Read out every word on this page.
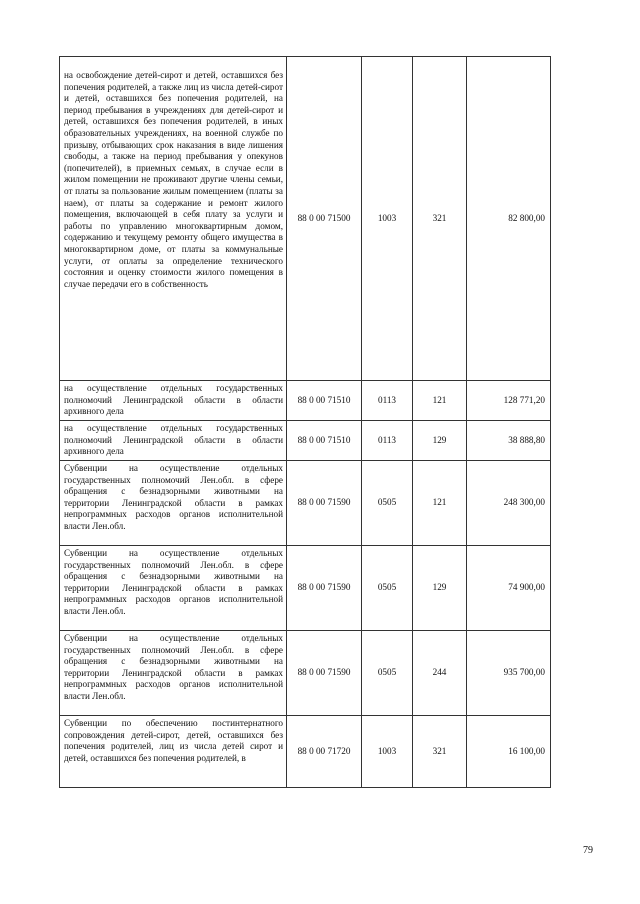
на освобождение детей-сирот и детей, оставшихся без попечения родителей, а также лиц из числа детей-сирот и детей, оставшихся без попечения родителей, на период пребывания в учреждениях для детей-сирот и детей, оставшихся без попечения родителей, в иных образовательных учреждениях, на военной службе по призыву, отбывающих срок наказания в виде лишения свободы, а также на период пребывания у опекунов (попечителей), в приемных семьях, в случае если в жилом помещении не проживают другие члены семьи, от платы за пользование жилым помещением (платы за наем), от платы за содержание и ремонт жилого помещения, включающей в себя плату за услуги и работы по управлению многоквартирным домом, содержанию и текущему ремонту общего имущества в многоквартирном доме, от платы за коммунальные услуги, от оплаты за определение технического состояния и оценку стоимости жилого помещения в случае передачи его в собственность	88 0 00 71500	1003	321	82 800,00

на осуществление отдельных государственных полномочий Ленинградской области в области архивного дела	88 0 00 71510	0113	121	128 771,20

на осуществление отдельных государственных полномочий Ленинградской области в области архивного дела	88 0 00 71510	0113	129	38 888,80

Субвенции на осуществление отдельных государственных полномочий Лен.обл. в сфере обращения с безнадзорными животными на территории Ленинградской области в рамках непрограммных расходов органов исполнительной власти Лен.обл.	88 0 00 71590	0505	121	248 300,00

Субвенции на осуществление отдельных государственных полномочий Лен.обл. в сфере обращения с безнадзорными животными на территории Ленинградской области в рамках непрограммных расходов органов исполнительной власти Лен.обл.	88 0 00 71590	0505	129	74 900,00

Субвенции на осуществление отдельных государственных полномочий Лен.обл. в сфере обращения с безнадзорными животными на территории Ленинградской области в рамках непрограммных расходов органов исполнительной власти Лен.обл.	88 0 00 71590	0505	244	935 700,00

Субвенции по обеспечению постинтернатного сопровождения детей-сирот, детей, оставшихся без попечения родителей, лиц из числа детей сирот и детей, оставшихся без попечения родителей, в	88 0 00 71720	1003	321	16 100,00
79
